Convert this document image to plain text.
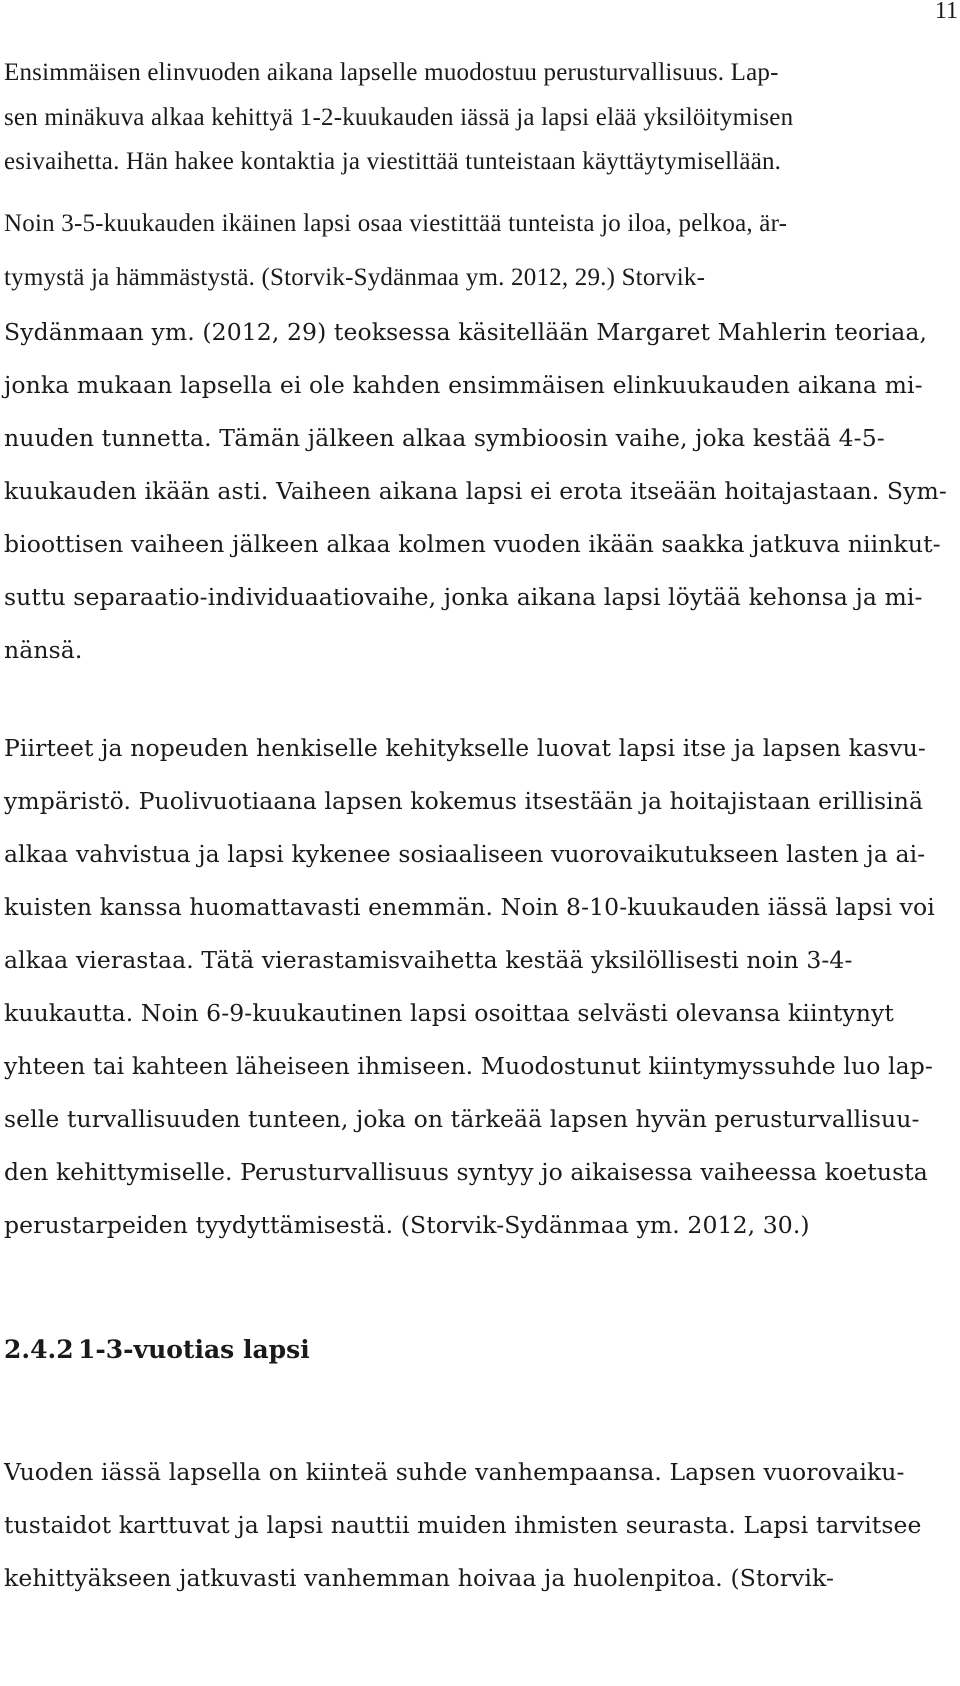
11
Ensimmäisen elinvuoden aikana lapselle muodostuu perusturvallisuus. Lap-
sen minäkuva alkaa kehittyä 1-2-kuukauden iässä ja lapsi elää yksilöitymisen
esivaihetta. Hän hakee kontaktia ja viestittää tunteistaan käyttäytymisellään.
Noin 3-5-kuukauden ikäinen lapsi osaa viestittää tunteista jo iloa, pelkoa, är-
tymystä ja hämmästystä. (Storvik-Sydänmaa ym. 2012, 29.) Storvik-
Sydänmaan ym. (2012, 29) teoksessa käsitellään Margaret Mahlerin teoriaa,
jonka mukaan lapsella ei ole kahden ensimmäisen elinkuukauden aikana mi-
nuuden tunnetta. Tämän jälkeen alkaa symbioosin vaihe, joka kestää 4-5-
kuukauden ikään asti. Vaiheen aikana lapsi ei erota itseään hoitajastaan. Sym-
bioottisen vaiheen jälkeen alkaa kolmen vuoden ikään saakka jatkuva niinkut-
suttu separaatio-individuaatiovaihe, jonka aikana lapsi löytää kehonsa ja mi-
nänsä.
Piirteet ja nopeuden henkiselle kehitykselle luovat lapsi itse ja lapsen kasvu-
ympäristö. Puolivuotiaana lapsen kokemus itsestään ja hoitajistaan erillisinä
alkaa vahvistua ja lapsi kykenee sosiaaliseen vuorovaikutukseen lasten ja ai-
kuisten kanssa huomattavasti enemmän. Noin 8-10-kuukauden iässä lapsi voi
alkaa vierastaa. Tätä vierastamisvaihetta kestää yksilöllisesti noin 3-4-
kuukautta. Noin 6-9-kuukautinen lapsi osoittaa selvästi olevansa kiintynyt
yhteen tai kahteen läheiseen ihmiseen. Muodostunut kiintymyssuhde luo lap-
selle turvallisuuden tunteen, joka on tärkeää lapsen hyvän perusturvallisuu-
den kehittymiselle. Perusturvallisuus syntyy jo aikaisessa vaiheessa koetusta
perustarpeiden tyydyttämisestä. (Storvik-Sydänmaa ym. 2012, 30.)
2.4.2 1-3-vuotias lapsi
Vuoden iässä lapsella on kiinteä suhde vanhempaansa. Lapsen vuorovaiku-
tustaidot karttuvat ja lapsi nauttii muiden ihmisten seurasta. Lapsi tarvitsee
kehittyäkseen jatkuvasti vanhemman hoivaa ja huolenpitoa. (Storvik-
